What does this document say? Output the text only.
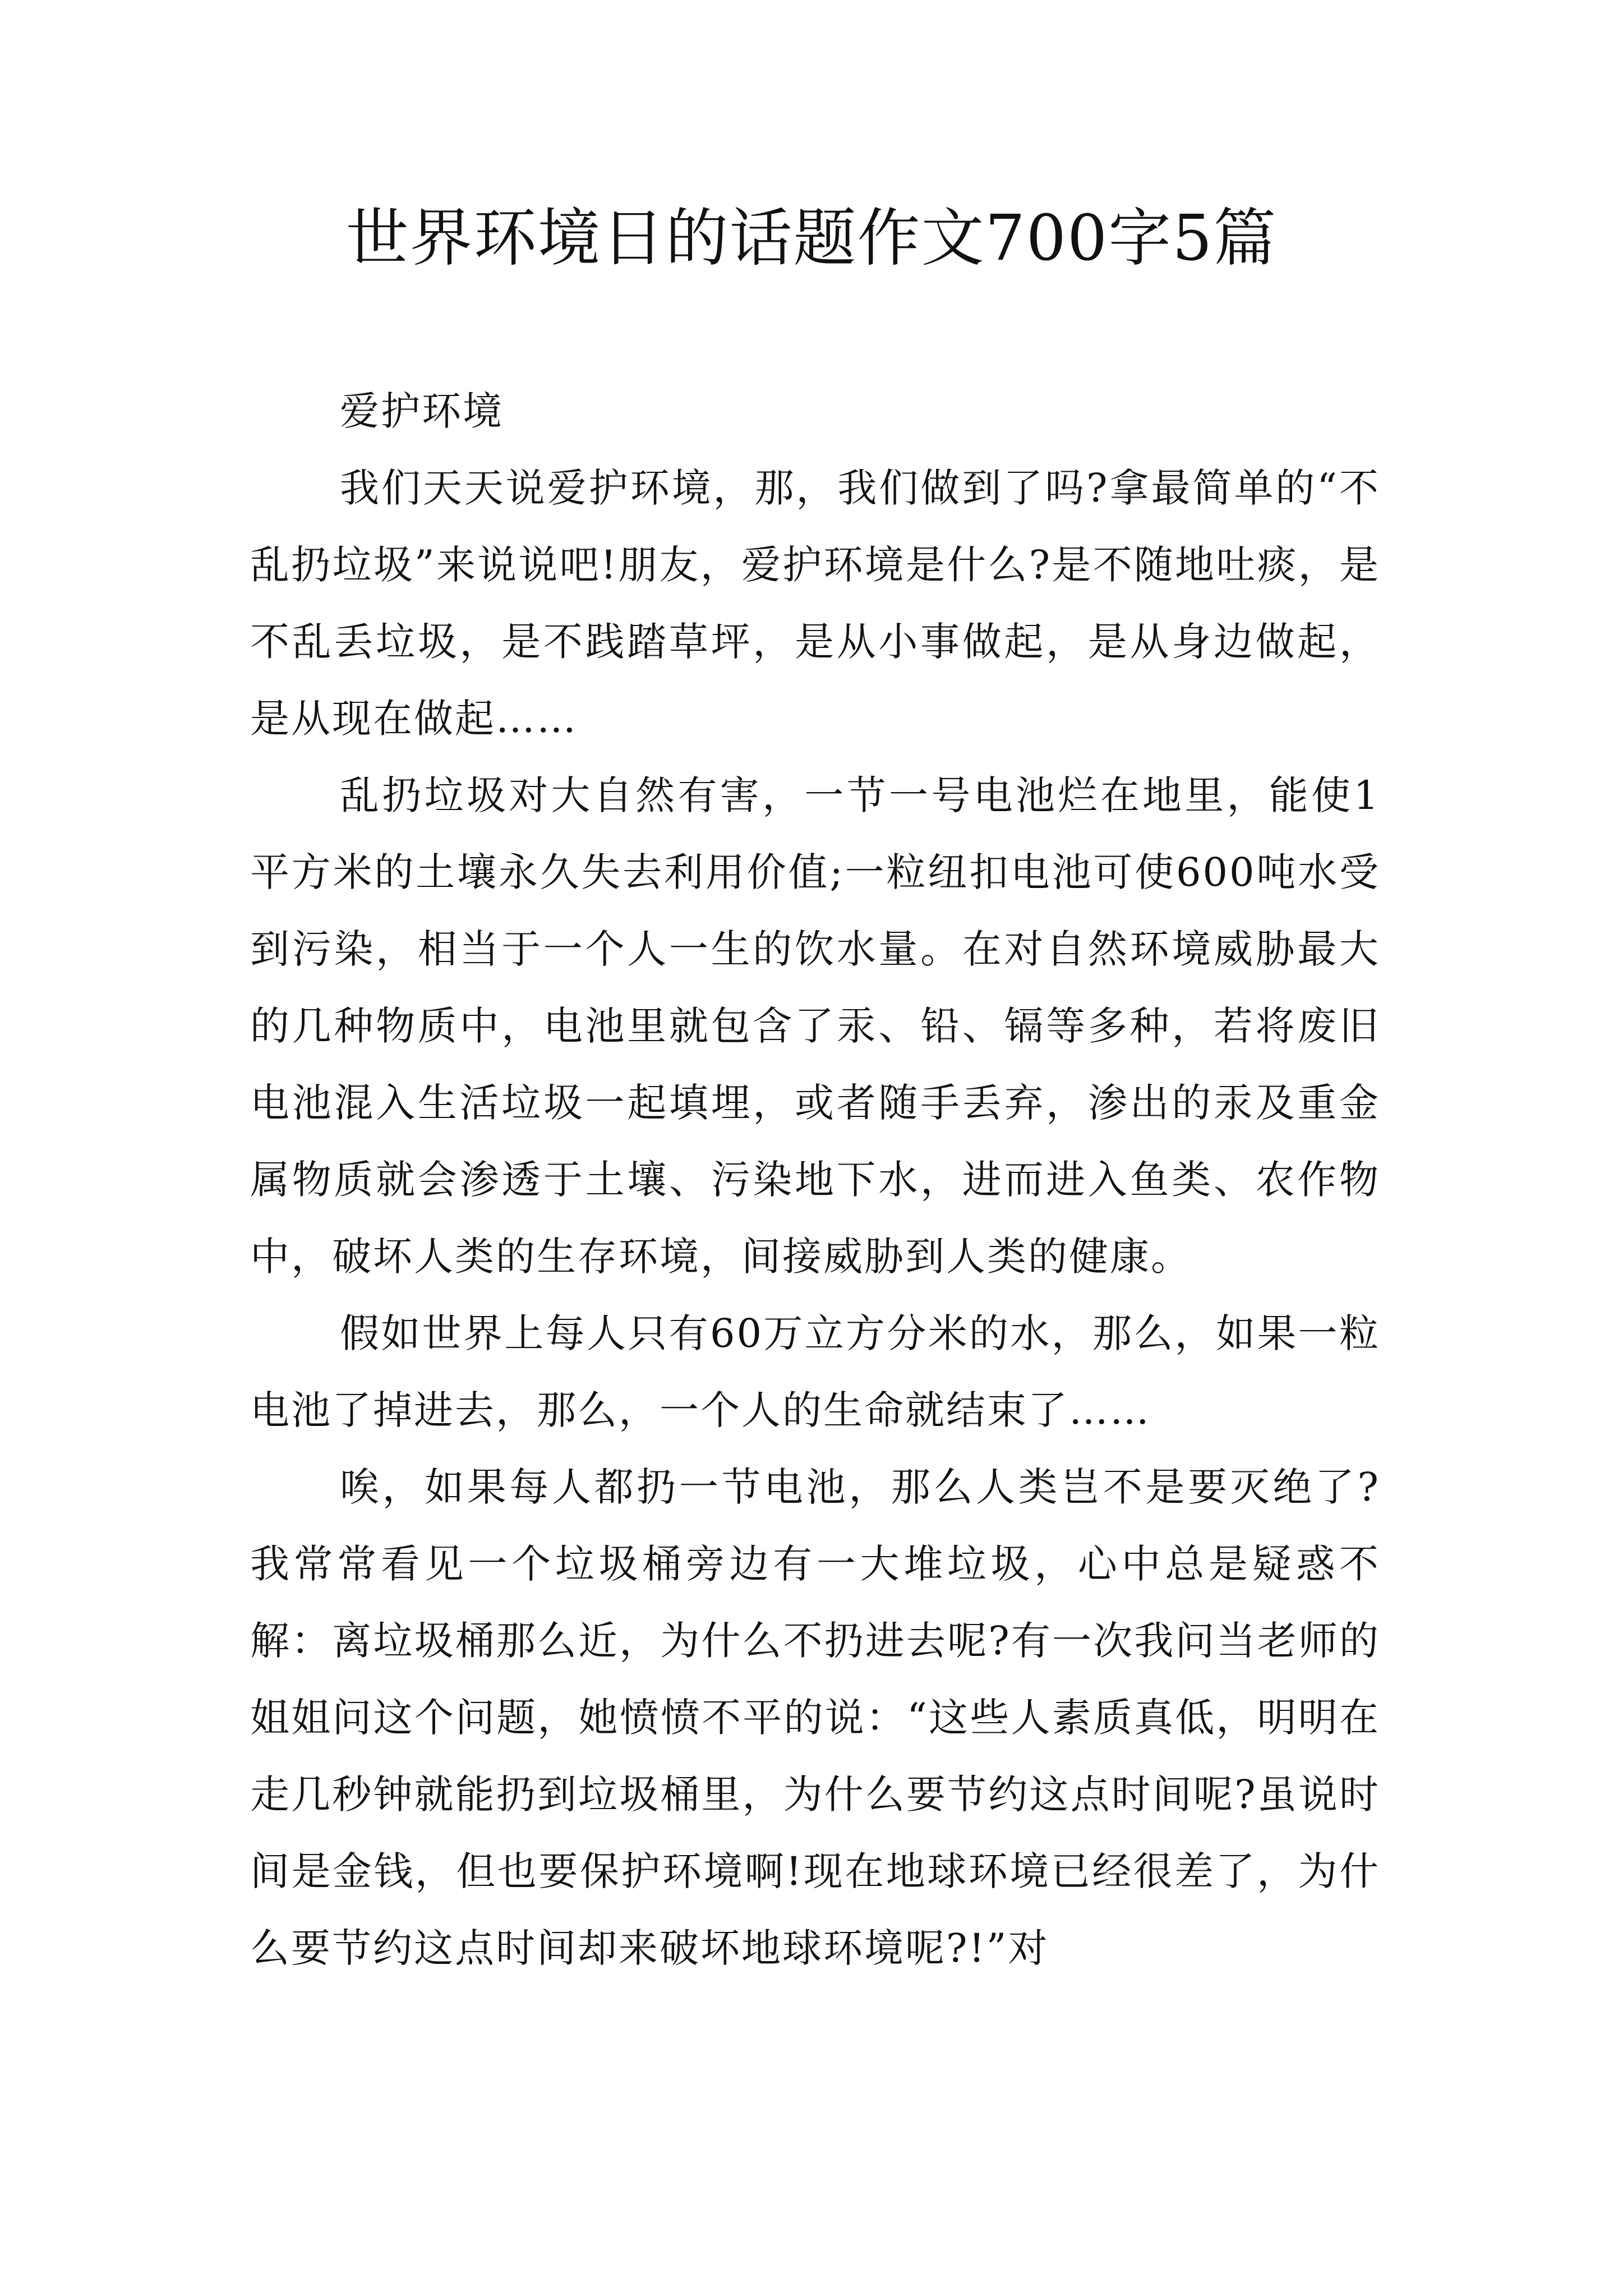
世界环境日的话题作文700字5篇

爱护环境

我们天天说爱护环境，那，我们做到了吗?拿最简单的“不乱扔垃圾”来说说吧!朋友，爱护环境是什么?是不随地吐痰，是不乱丢垃圾，是不践踏草坪，是从小事做起，是从身边做起，是从现在做起……

乱扔垃圾对大自然有害，一节一号电池烂在地里，能使1平方米的土壤永久失去利用价值;一粒纽扣电池可使600吨水受到污染，相当于一个人一生的饮水量。在对自然环境威胁最大的几种物质中，电池里就包含了汞、铅、镉等多种，若将废旧电池混入生活垃圾一起填埋，或者随手丢弃，渗出的汞及重金属物质就会渗透于土壤、污染地下水，进而进入鱼类、农作物中，破坏人类的生存环境，间接威胁到人类的健康。

假如世界上每人只有60万立方分米的水，那么，如果一粒电池了掉进去，那么，一个人的生命就结束了……

唉，如果每人都扔一节电池，那么人类岂不是要灭绝了?我常常看见一个垃圾桶旁边有一大堆垃圾，心中总是疑惑不解：离垃圾桶那么近，为什么不扔进去呢?有一次我问当老师的姐姐问这个问题，她愤愤不平的说：“这些人素质真低，明明在走几秒钟就能扔到垃圾桶里，为什么要节约这点时间呢?虽说时间是金钱，但也要保护环境啊!现在地球环境已经很差了，为什么要节约这点时间却来破坏地球环境呢?!”对
